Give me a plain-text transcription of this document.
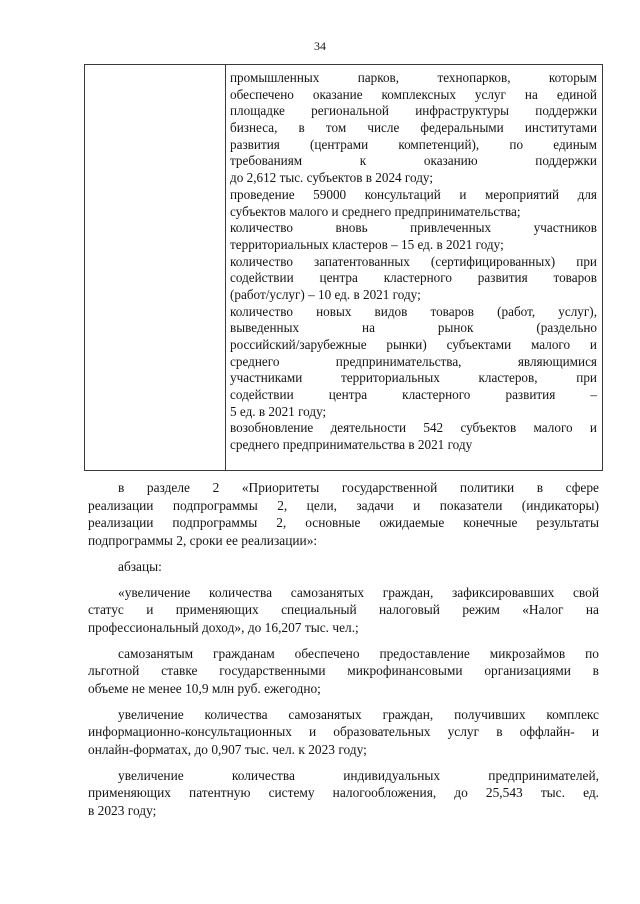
34
промышленных парков, технопарков, которым
обеспечено оказание комплексных услуг на единой
площадке региональной инфраструктуры поддержки
бизнеса, в том числе федеральными институтами
развития (центрами компетенций), по единым
требованиям к оказанию поддержки
до 2,612 тыс. субъектов в 2024 году;
проведение 59000 консультаций и мероприятий для
субъектов малого и среднего предпринимательства;
количество вновь привлеченных участников
территориальных кластеров – 15 ед. в 2021 году;
количество запатентованных (сертифицированных) при
содействии центра кластерного развития товаров
(работ/услуг) – 10 ед. в 2021 году;
количество новых видов товаров (работ, услуг),
выведенных на рынок (раздельно
российский/зарубежные рынки) субъектами малого и
среднего предпринимательства, являющимися
участниками территориальных кластеров, при
содействии центра кластерного развития –
5 ед. в 2021 году;
возобновление деятельности 542 субъектов малого и
среднего предпринимательства в 2021 году
в разделе 2 «Приоритеты государственной политики в сфере
реализации подпрограммы 2, цели, задачи и показатели (индикаторы)
реализации подпрограммы 2, основные ожидаемые конечные результаты
подпрограммы 2, сроки ее реализации»:
абзацы:
«увеличение количества самозанятых граждан, зафиксировавших свой
статус и применяющих специальный налоговый режим «Налог на
профессиональный доход», до 16,207 тыс. чел.;
самозанятым гражданам обеспечено предоставление микрозаймов по
льготной ставке государственными микрофинансовыми организациями в
объеме не менее 10,9 млн руб. ежегодно;
увеличение количества самозанятых граждан, получивших комплекс
информационно-консультационных и образовательных услуг в оффлайн- и
онлайн-форматах, до 0,907 тыс. чел. к 2023 году;
увеличение количества индивидуальных предпринимателей,
применяющих патентную систему налогообложения, до 25,543 тыс. ед.
в 2023 году;
